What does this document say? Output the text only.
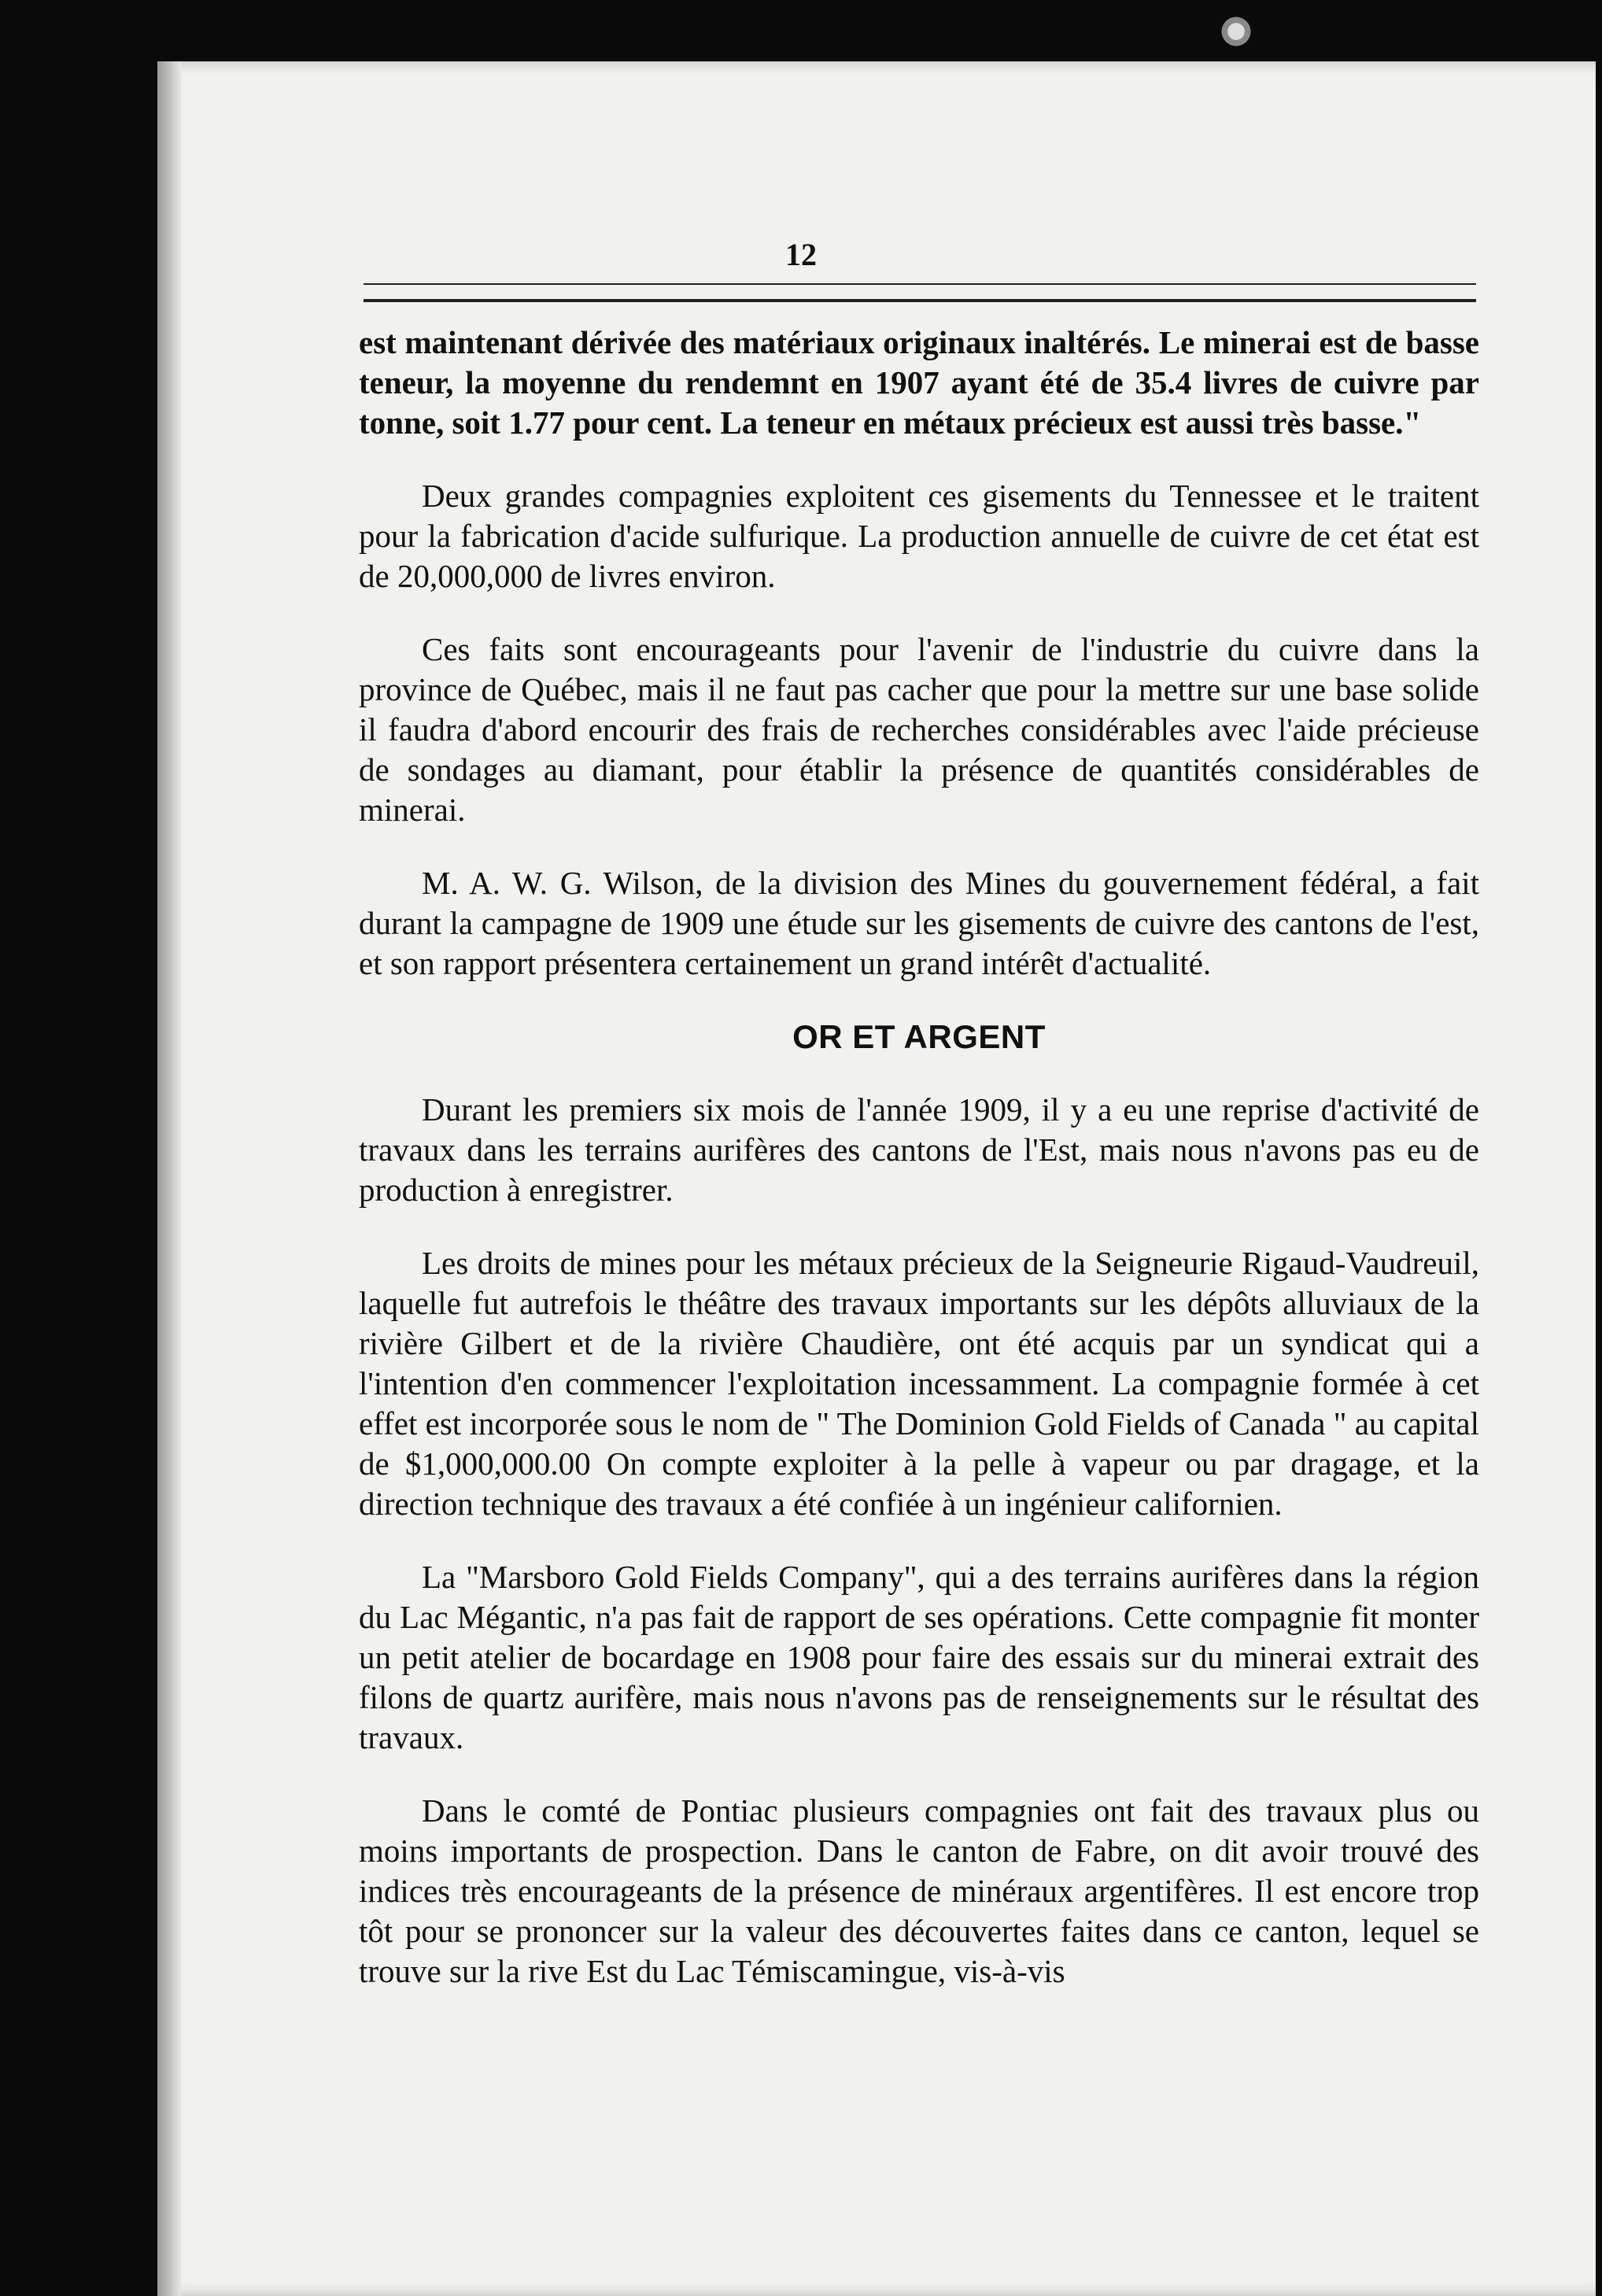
12

est maintenant dérivée des matériaux originaux inaltérés. Le minerai est de basse teneur, la moyenne du rendemnt en 1907 ayant été de 35.4 livres de cuivre par tonne, soit 1.77 pour cent. La teneur en métaux précieux est aussi très basse."

Deux grandes compagnies exploitent ces gisements du Tennessee et le traitent pour la fabrication d'acide sulfurique. La production annuelle de cuivre de cet état est de 20,000,000 de livres environ.

Ces faits sont encourageants pour l'avenir de l'industrie du cuivre dans la province de Québec, mais il ne faut pas cacher que pour la mettre sur une base solide il faudra d'abord encourir des frais de recherches considérables avec l'aide précieuse de sondages au diamant, pour établir la présence de quantités considérables de minerai.

M. A. W. G. Wilson, de la division des Mines du gouvernement fédéral, a fait durant la campagne de 1909 une étude sur les gisements de cuivre des cantons de l'est, et son rapport présentera certainement un grand intérêt d'actualité.

OR ET ARGENT

Durant les premiers six mois de l'année 1909, il y a eu une reprise d'activité de travaux dans les terrains aurifères des cantons de l'Est, mais nous n'avons pas eu de production à enregistrer.

Les droits de mines pour les métaux précieux de la Seigneurie Rigaud-Vaudreuil, laquelle fut autrefois le théâtre des travaux importants sur les dépôts alluviaux de la rivière Gilbert et de la rivière Chaudière, ont été acquis par un syndicat qui a l'intention d'en commencer l'exploitation incessamment. La compagnie formée à cet effet est incorporée sous le nom de " The Dominion Gold Fields of Canada " au capital de $1,000,000.00 On compte exploiter à la pelle à vapeur ou par dragage, et la direction technique des travaux a été confiée à un ingénieur californien.

La "Marsboro Gold Fields Company", qui a des terrains aurifères dans la région du Lac Mégantic, n'a pas fait de rapport de ses opérations. Cette compagnie fit monter un petit atelier de bocardage en 1908 pour faire des essais sur du minerai extrait des filons de quartz aurifère, mais nous n'avons pas de renseignements sur le résultat des travaux.

Dans le comté de Pontiac plusieurs compagnies ont fait des travaux plus ou moins importants de prospection. Dans le canton de Fabre, on dit avoir trouvé des indices très encourageants de la présence de minéraux argentifères. Il est encore trop tôt pour se prononcer sur la valeur des découvertes faites dans ce canton, lequel se trouve sur la rive Est du Lac Témiscamingue, vis-à-vis
